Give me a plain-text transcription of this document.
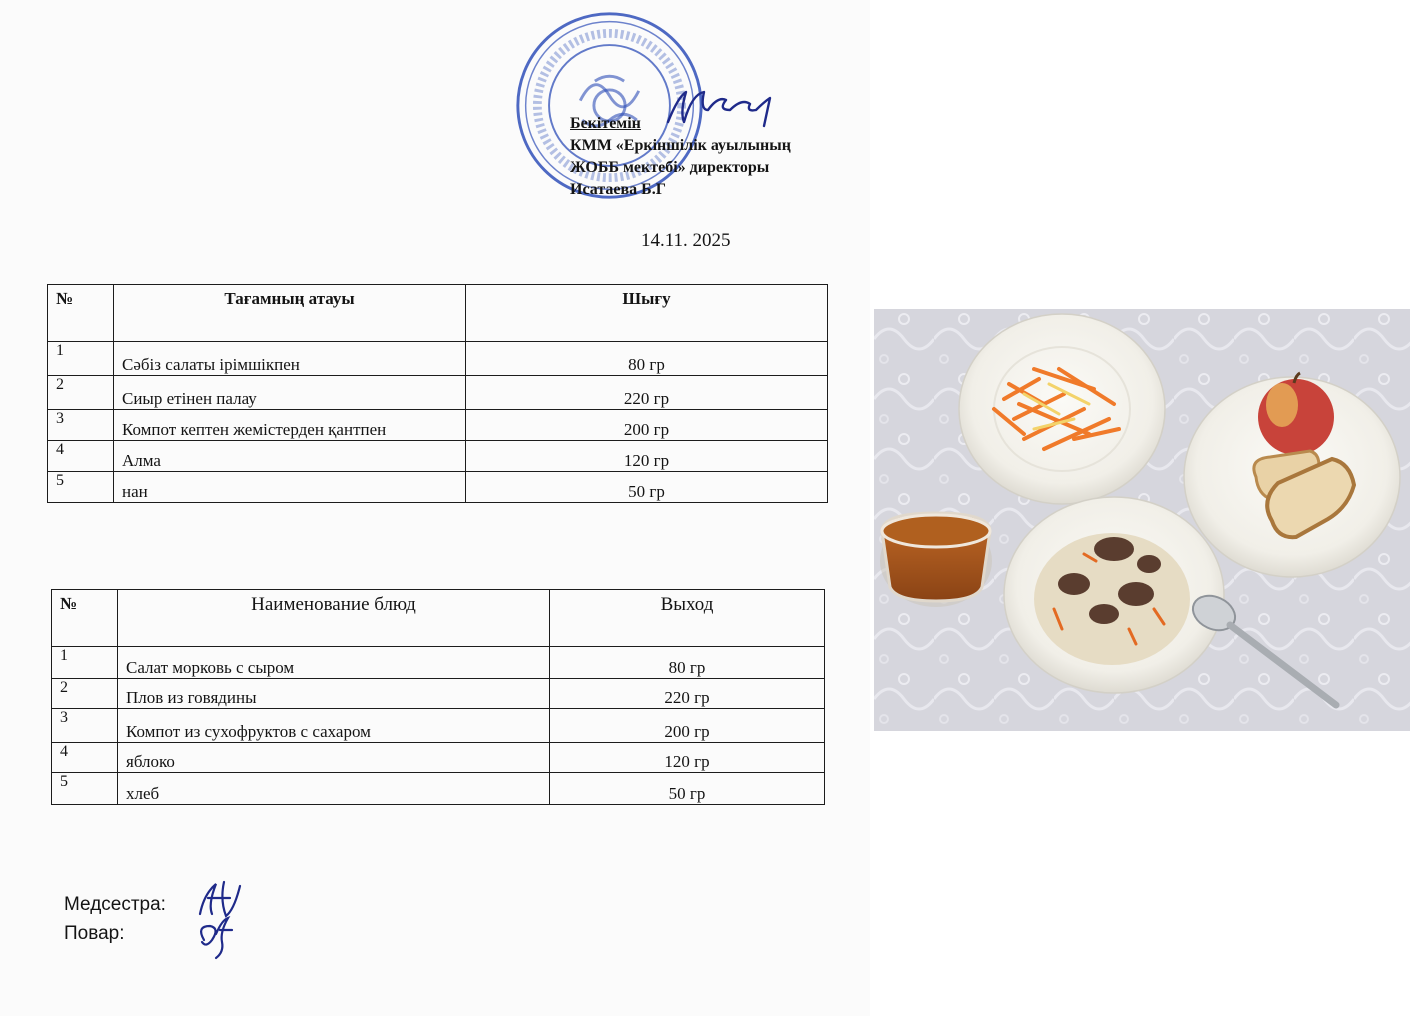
Бекітемін
КММ «Еркіншілік ауылының
ЖОББ мектебі» директоры
Исатаева Б.Г
14.11. 2025
№	Тағамның атауы	Шығу
1	Сәбіз салаты ірімшікпен	80 гр
2	Сиыр етінен палау	220 гр
3	Компот кептен жемістерден қантпен	200 гр
4	Алма	120 гр
5	нан	50 гр
№	Наименование блюд	Выход
1	Салат морковь с сыром	80 гр
2	Плов из говядины	220 гр
3	Компот из сухофруктов с сахаром	200 гр
4	яблоко	120 гр
5	хлеб	50 гр
Медсестра:
Повар:
